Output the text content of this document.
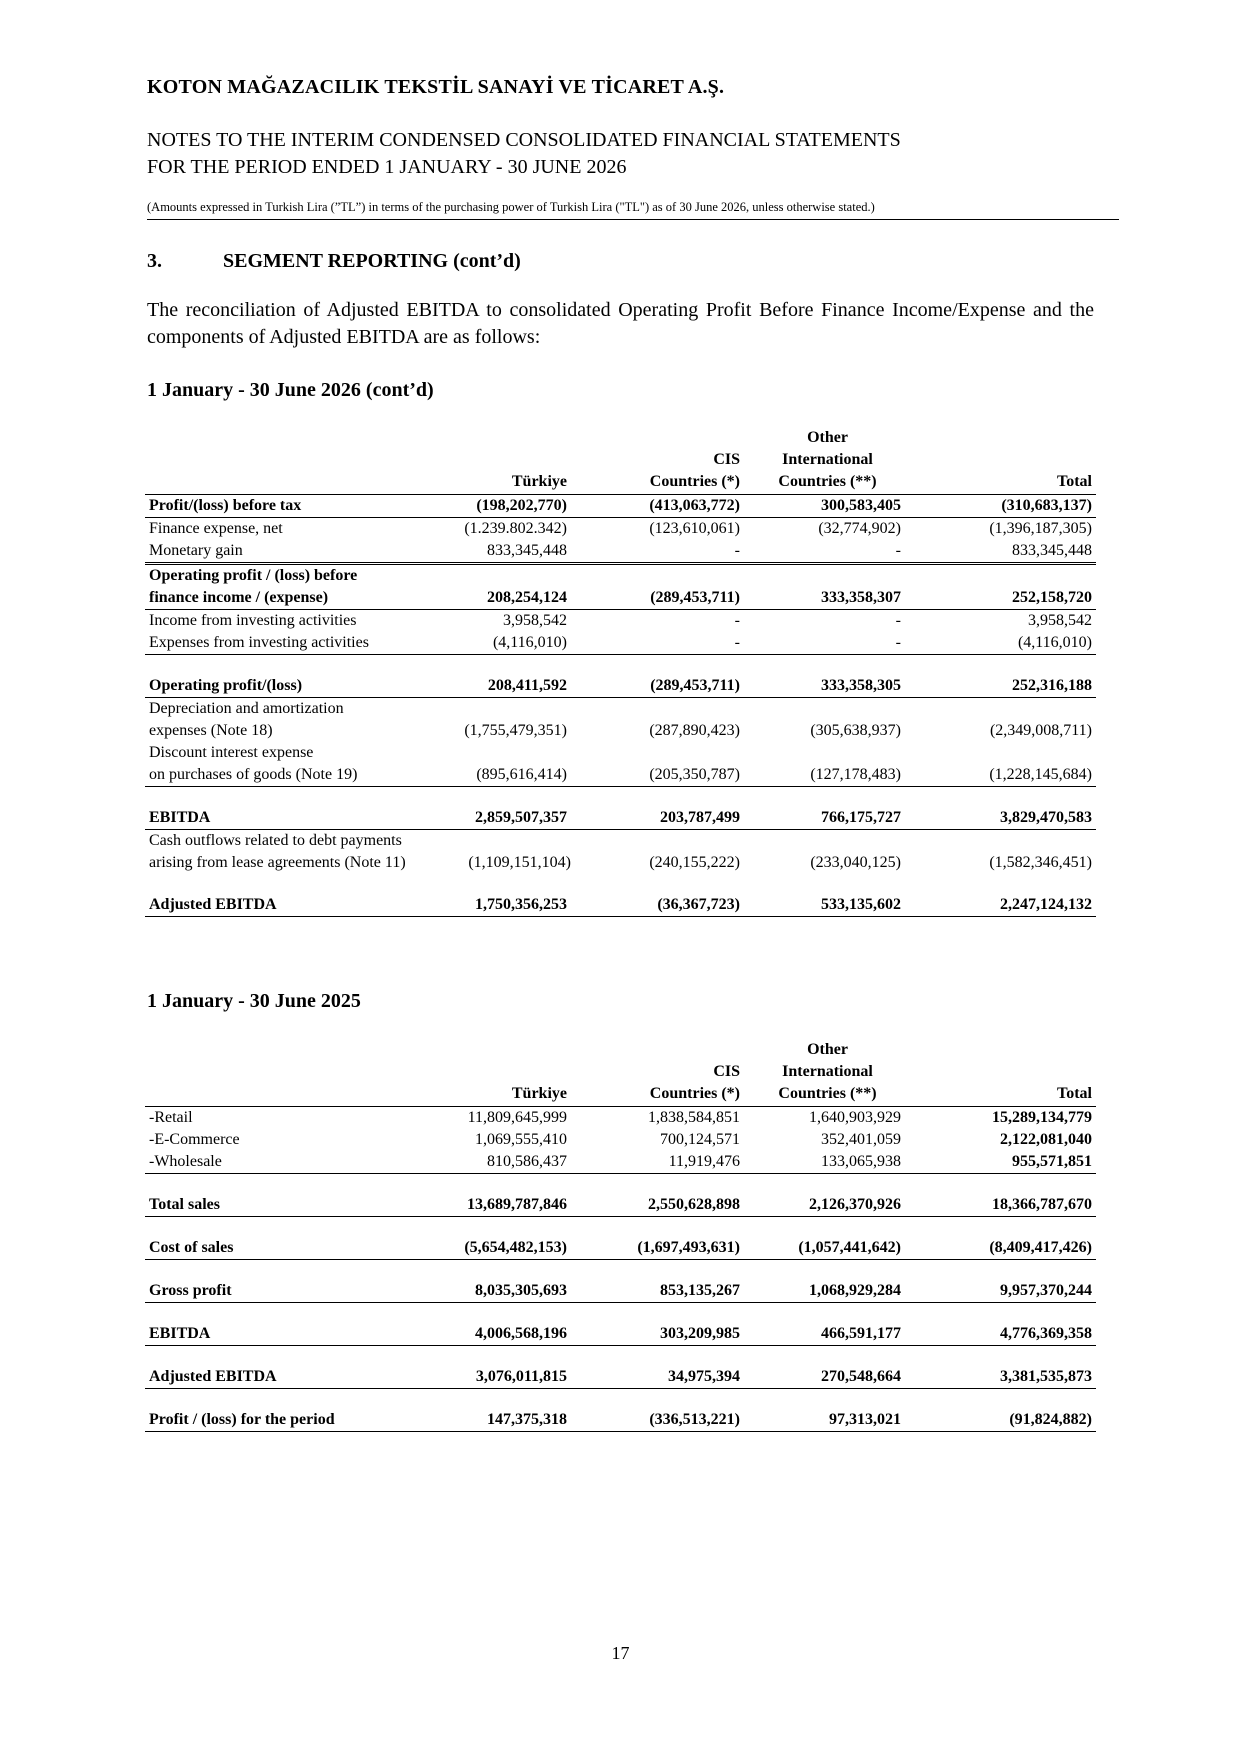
KOTON MAĞAZACILIK TEKSTİL SANAYİ VE TİCARET A.Ş.
NOTES TO THE INTERIM CONDENSED CONSOLIDATED FINANCIAL STATEMENTS
FOR THE PERIOD ENDED 1 JANUARY - 30 JUNE 2026
(Amounts expressed in Turkish Lira (”TL”) in terms of the purchasing power of Turkish Lira ("TL") as of 30 June 2026, unless otherwise stated.)
3.	SEGMENT REPORTING (cont’d)
The reconciliation of Adjusted EBITDA to consolidated Operating Profit Before Finance Income/Expense and the components of Adjusted EBITDA are as follows:
1 January - 30 June 2026 (cont’d)
			Other	
		CIS	International	
	Türkiye	Countries (*)	Countries (**)	Total
Profit/(loss) before tax	(198,202,770)	(413,063,772)	300,583,405	(310,683,137)
Finance expense, net	(1.239.802.342)	(123,610,061)	(32,774,902)	(1,396,187,305)
Monetary gain	833,345,448	-	-	833,345,448
Operating profit / (loss) before				
finance income / (expense)	208,254,124	(289,453,711)	333,358,307	252,158,720
Income from investing activities	3,958,542	-	-	3,958,542
Expenses from investing activities	(4,116,010)	-	-	(4,116,010)

Operating profit/(loss)	208,411,592	(289,453,711)	333,358,305	252,316,188
Depreciation and amortization				
expenses (Note 18)	(1,755,479,351)	(287,890,423)	(305,638,937)	(2,349,008,711)
Discount interest expense				
on purchases of goods (Note 19)	(895,616,414)	(205,350,787)	(127,178,483)	(1,228,145,684)

EBITDA	2,859,507,357	203,787,499	766,175,727	3,829,470,583
Cash outflows related to debt payments				
arising from lease agreements (Note 11)	(1,109,151,104)	(240,155,222)	(233,040,125)	(1,582,346,451)

Adjusted EBITDA	1,750,356,253	(36,367,723)	533,135,602	2,247,124,132
1 January - 30 June 2025
			Other	
		CIS	International	
	Türkiye	Countries (*)	Countries (**)	Total
-Retail	11,809,645,999	1,838,584,851	1,640,903,929	15,289,134,779
-E-Commerce	1,069,555,410	700,124,571	352,401,059	2,122,081,040
-Wholesale	810,586,437	11,919,476	133,065,938	955,571,851

Total sales	13,689,787,846	2,550,628,898	2,126,370,926	18,366,787,670

Cost of sales	(5,654,482,153)	(1,697,493,631)	(1,057,441,642)	(8,409,417,426)

Gross profit	8,035,305,693	853,135,267	1,068,929,284	9,957,370,244

EBITDA	4,006,568,196	303,209,985	466,591,177	4,776,369,358

Adjusted EBITDA	3,076,011,815	34,975,394	270,548,664	3,381,535,873

Profit / (loss) for the period	147,375,318	(336,513,221)	97,313,021	(91,824,882)
17
